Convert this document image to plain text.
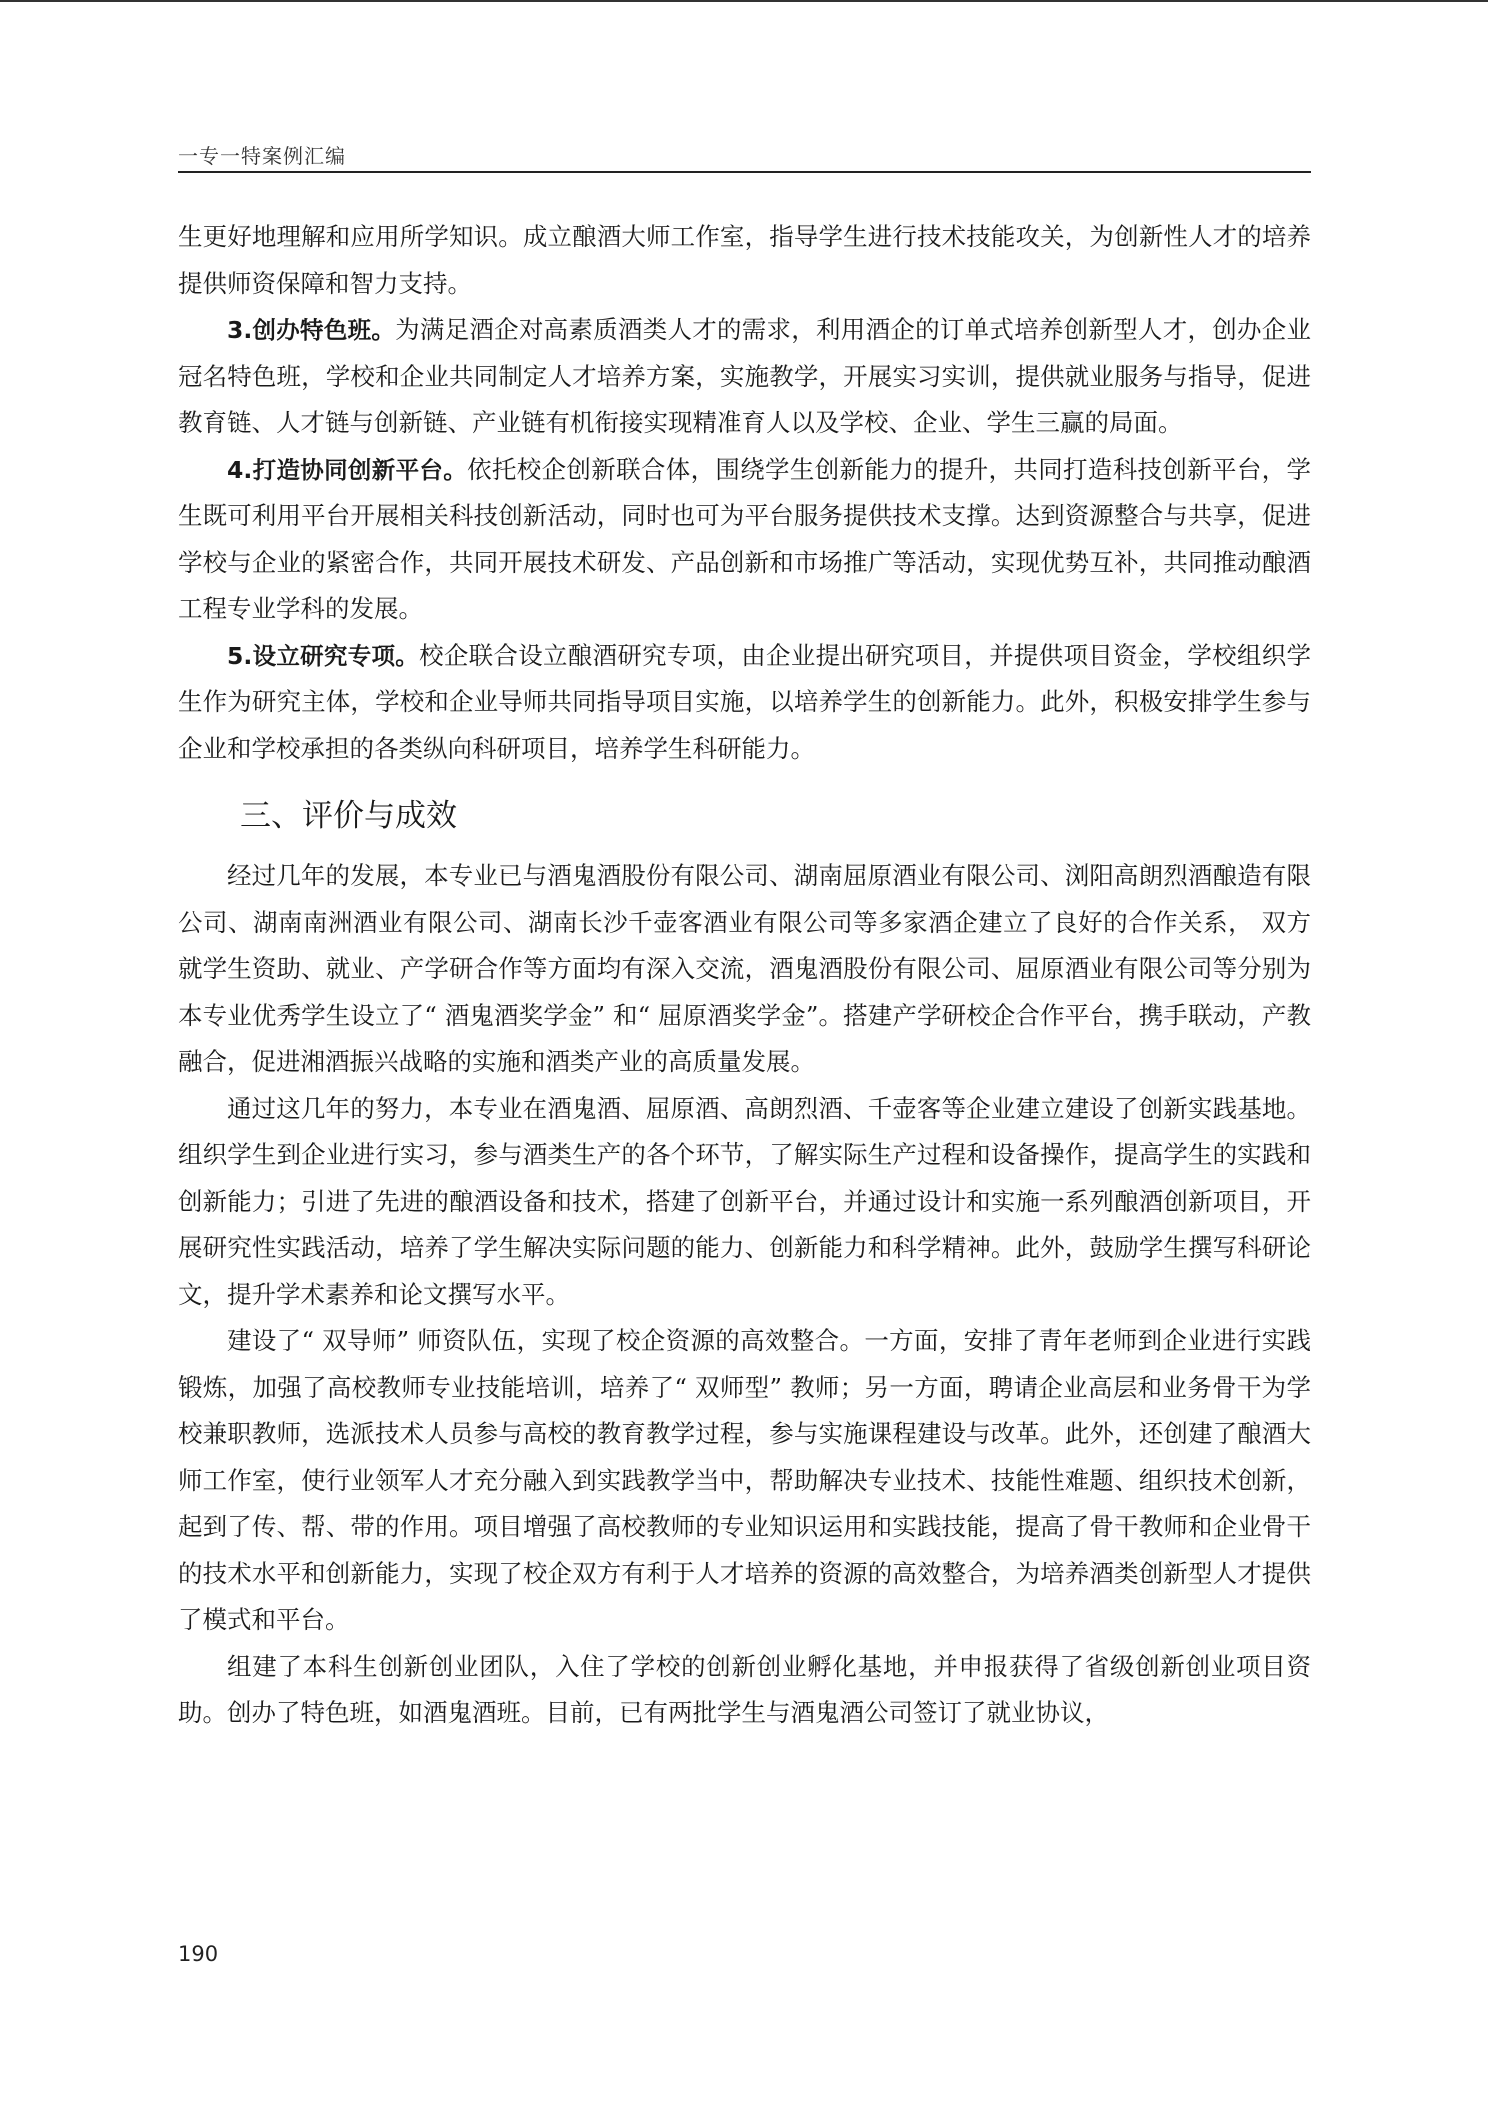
一专一特案例汇编

生更好地理解和应用所学知识。成立酿酒大师工作室，指导学生进行技术技能攻关，为创新性人才的培养提供师资保障和智力支持。

3.创办特色班。为满足酒企对高素质酒类人才的需求，利用酒企的订单式培养创新型人才，创办企业冠名特色班，学校和企业共同制定人才培养方案，实施教学，开展实习实训，提供就业服务与指导，促进教育链、人才链与创新链、产业链有机衔接实现精准育人以及学校、企业、学生三赢的局面。

4.打造协同创新平台。依托校企创新联合体，围绕学生创新能力的提升，共同打造科技创新平台，学生既可利用平台开展相关科技创新活动，同时也可为平台服务提供技术支撑。达到资源整合与共享，促进学校与企业的紧密合作，共同开展技术研发、产品创新和市场推广等活动，实现优势互补，共同推动酿酒工程专业学科的发展。

5.设立研究专项。校企联合设立酿酒研究专项，由企业提出研究项目，并提供项目资金，学校组织学生作为研究主体，学校和企业导师共同指导项目实施，以培养学生的创新能力。此外，积极安排学生参与企业和学校承担的各类纵向科研项目，培养学生科研能力。

三、评价与成效

经过几年的发展，本专业已与酒鬼酒股份有限公司、湖南屈原酒业有限公司、浏阳高朗烈酒酿造有限公司、湖南南洲酒业有限公司、湖南长沙千壶客酒业有限公司等多家酒企建立了良好的合作关系， 双方就学生资助、就业、产学研合作等方面均有深入交流，酒鬼酒股份有限公司、屈原酒业有限公司等分别为本专业优秀学生设立了“ 酒鬼酒奖学金” 和“ 屈原酒奖学金”。搭建产学研校企合作平台，携手联动，产教融合，促进湘酒振兴战略的实施和酒类产业的高质量发展。

通过这几年的努力，本专业在酒鬼酒、屈原酒、高朗烈酒、千壶客等企业建立建设了创新实践基地。组织学生到企业进行实习，参与酒类生产的各个环节，了解实际生产过程和设备操作，提高学生的实践和创新能力；引进了先进的酿酒设备和技术，搭建了创新平台，并通过设计和实施一系列酿酒创新项目，开展研究性实践活动，培养了学生解决实际问题的能力、创新能力和科学精神。此外，鼓励学生撰写科研论文，提升学术素养和论文撰写水平。

建设了“ 双导师” 师资队伍，实现了校企资源的高效整合。一方面，安排了青年老师到企业进行实践锻炼，加强了高校教师专业技能培训，培养了“ 双师型” 教师；另一方面，聘请企业高层和业务骨干为学校兼职教师，选派技术人员参与高校的教育教学过程，参与实施课程建设与改革。此外，还创建了酿酒大师工作室，使行业领军人才充分融入到实践教学当中，帮助解决专业技术、技能性难题、组织技术创新，起到了传、帮、带的作用。项目增强了高校教师的专业知识运用和实践技能，提高了骨干教师和企业骨干的技术水平和创新能力，实现了校企双方有利于人才培养的资源的高效整合，为培养酒类创新型人才提供了模式和平台。

组建了本科生创新创业团队，入住了学校的创新创业孵化基地，并申报获得了省级创新创业项目资助。创办了特色班，如酒鬼酒班。目前，已有两批学生与酒鬼酒公司签订了就业协议，

190
